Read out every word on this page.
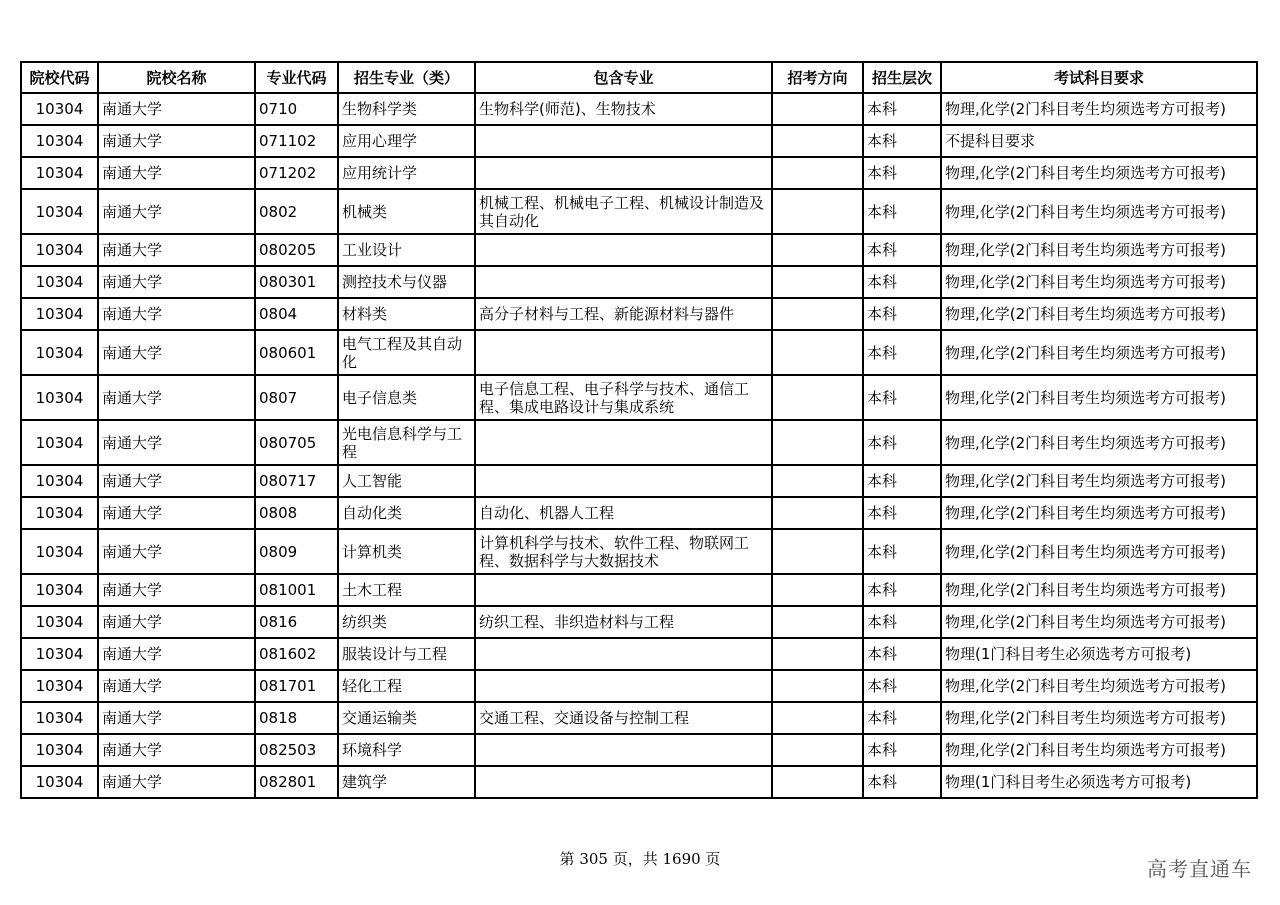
院校代码	院校名称	专业代码	招生专业（类）	包含专业	招考方向	招生层次	考试科目要求
10304	南通大学	0710	生物科学类	生物科学(师范)、生物技术		本科	物理,化学(2门科目考生均须选考方可报考)
10304	南通大学	071102	应用心理学			本科	不提科目要求
10304	南通大学	071202	应用统计学			本科	物理,化学(2门科目考生均须选考方可报考)
10304	南通大学	0802	机械类	机械工程、机械电子工程、机械设计制造及其自动化		本科	物理,化学(2门科目考生均须选考方可报考)
10304	南通大学	080205	工业设计			本科	物理,化学(2门科目考生均须选考方可报考)
10304	南通大学	080301	测控技术与仪器			本科	物理,化学(2门科目考生均须选考方可报考)
10304	南通大学	0804	材料类	高分子材料与工程、新能源材料与器件		本科	物理,化学(2门科目考生均须选考方可报考)
10304	南通大学	080601	电气工程及其自动化			本科	物理,化学(2门科目考生均须选考方可报考)
10304	南通大学	0807	电子信息类	电子信息工程、电子科学与技术、通信工程、集成电路设计与集成系统		本科	物理,化学(2门科目考生均须选考方可报考)
10304	南通大学	080705	光电信息科学与工程			本科	物理,化学(2门科目考生均须选考方可报考)
10304	南通大学	080717	人工智能			本科	物理,化学(2门科目考生均须选考方可报考)
10304	南通大学	0808	自动化类	自动化、机器人工程		本科	物理,化学(2门科目考生均须选考方可报考)
10304	南通大学	0809	计算机类	计算机科学与技术、软件工程、物联网工程、数据科学与大数据技术		本科	物理,化学(2门科目考生均须选考方可报考)
10304	南通大学	081001	土木工程			本科	物理,化学(2门科目考生均须选考方可报考)
10304	南通大学	0816	纺织类	纺织工程、非织造材料与工程		本科	物理,化学(2门科目考生均须选考方可报考)
10304	南通大学	081602	服装设计与工程			本科	物理(1门科目考生必须选考方可报考)
10304	南通大学	081701	轻化工程			本科	物理,化学(2门科目考生均须选考方可报考)
10304	南通大学	0818	交通运输类	交通工程、交通设备与控制工程		本科	物理,化学(2门科目考生均须选考方可报考)
10304	南通大学	082503	环境科学			本科	物理,化学(2门科目考生均须选考方可报考)
10304	南通大学	082801	建筑学			本科	物理(1门科目考生必须选考方可报考)
第 305 页，共 1690 页	高考直通车
